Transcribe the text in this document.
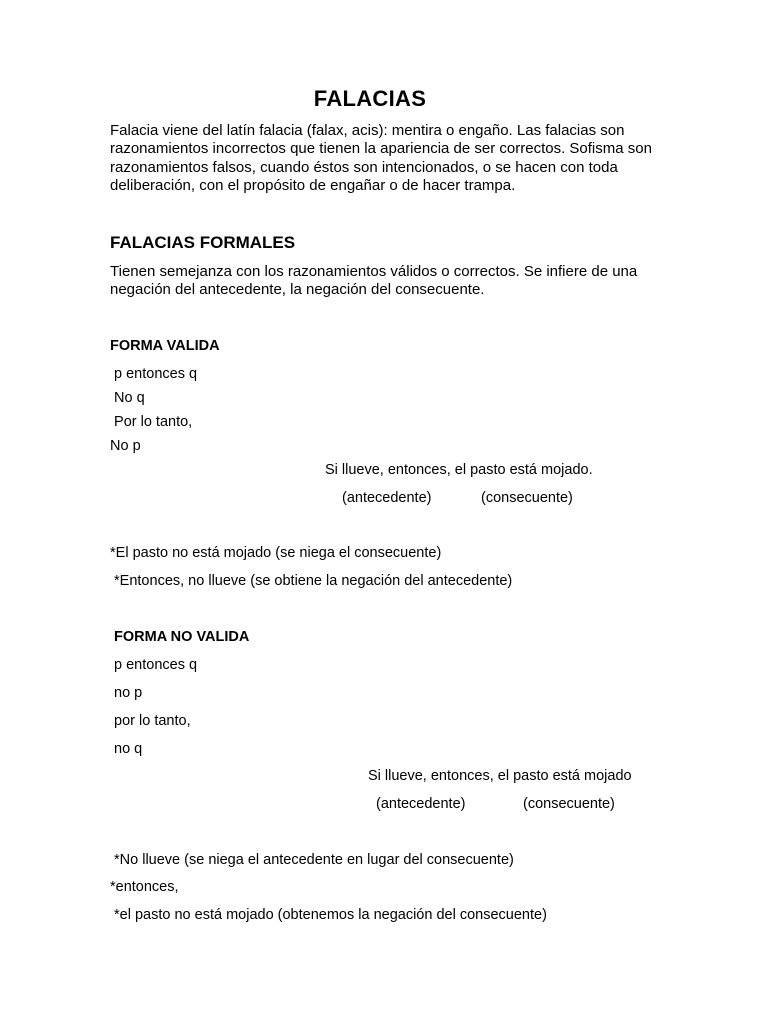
FALACIAS
Falacia viene del latín falacia (falax, acis): mentira o engaño. Las falacias son razonamientos incorrectos que tienen la apariencia de ser correctos. Sofisma son razonamientos falsos, cuando éstos son intencionados, o se hacen con toda deliberación, con el propósito de engañar o de hacer trampa.
FALACIAS FORMALES
Tienen semejanza con los razonamientos válidos o correctos. Se infiere de una negación del antecedente, la negación del consecuente.
FORMA VALIDA
p entonces q
No q
Por lo tanto,
No p
Si llueve, entonces, el pasto está mojado.
(antecedente)	(consecuente)
*El pasto no está mojado (se niega el consecuente)
*Entonces, no llueve (se obtiene la negación del antecedente)
FORMA NO VALIDA
p entonces q
no p
por lo tanto,
no q
Si llueve, entonces, el pasto está mojado
(antecedente)	(consecuente)
*No llueve (se niega el antecedente en lugar del consecuente)
*entonces,
*el pasto no está mojado (obtenemos la negación del consecuente)
